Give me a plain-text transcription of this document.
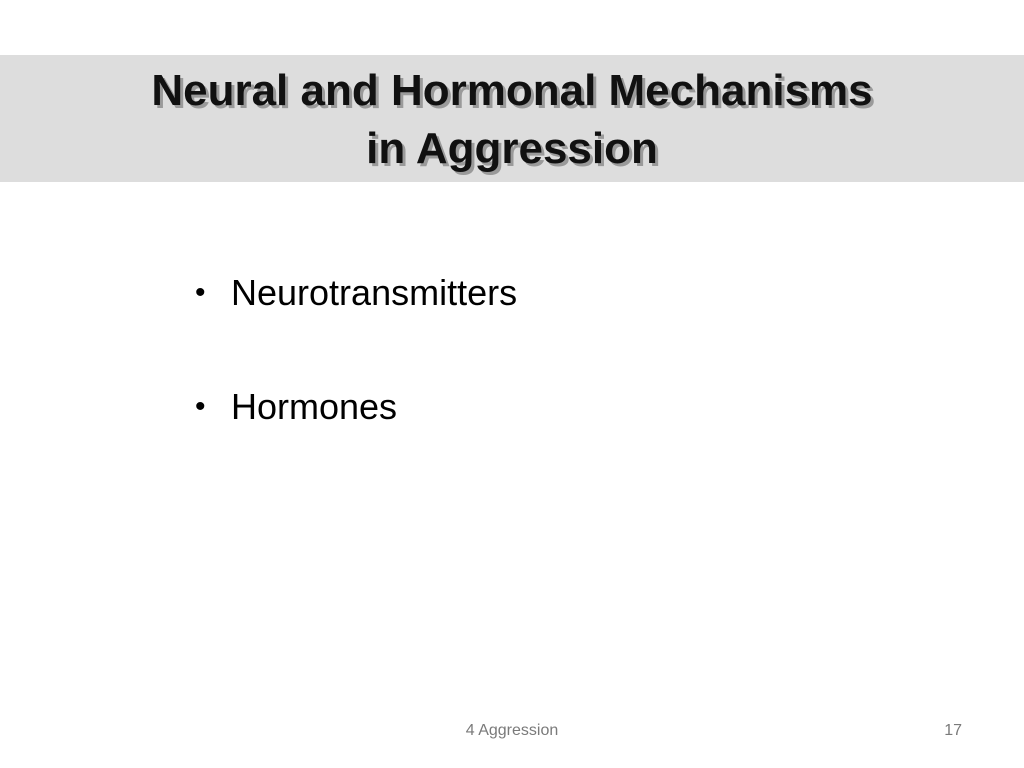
Neural and Hormonal Mechanisms
in Aggression
• Neurotransmitters
• Hormones
4 Aggression	17
